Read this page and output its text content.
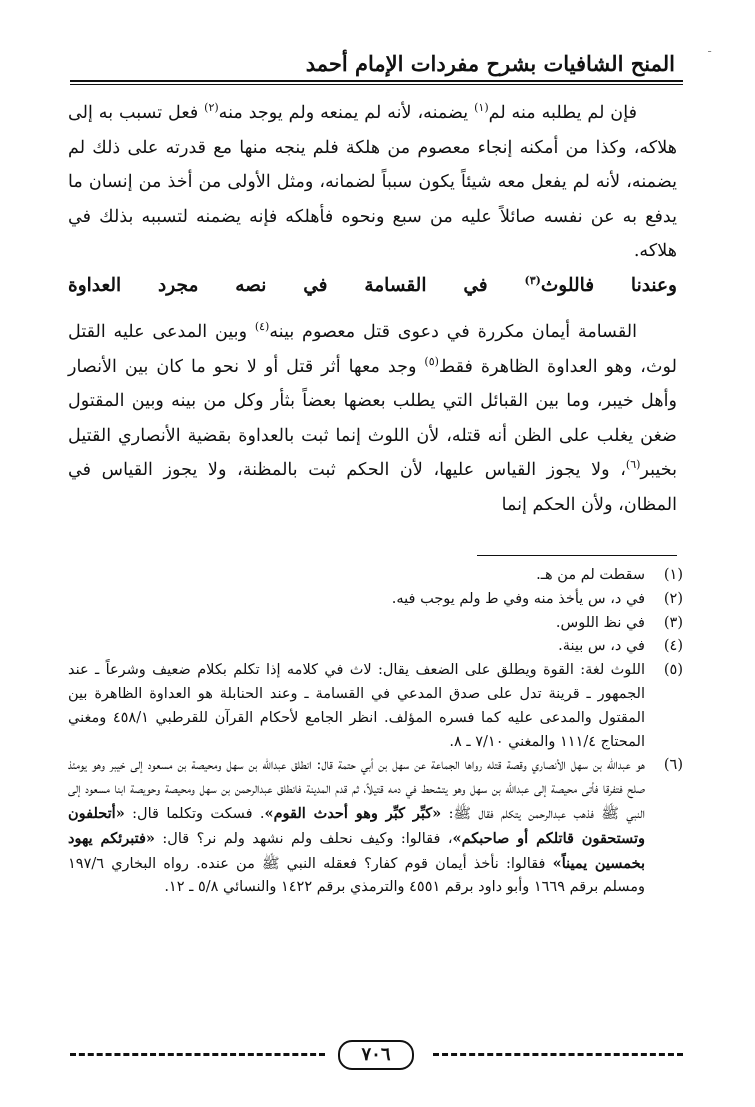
ـ
المنح الشافيات بشرح مفردات الإمام أحمد

فإن لم يطلبه منه لم$^{(١)}$ يضمنه، لأنه لم يمنعه ولم يوجد منه$^{(٢)}$ فعل تسبب به إلى هلاكه، وكذا من أمكنه إنجاء معصوم من هلكة فلم ينجه منها مع قدرته على ذلك لم يضمنه، لأنه لم يفعل معه شيئاً يكون سبباً لضمانه، ومثل الأولى من أخذ من إنسان ما يدفع به عن نفسه صائلاً عليه من سبع ونحوه فأهلكه فإنه يضمنه لتسببه بذلك في هلاكه.

وعندنا فاللوث$^{(٣)}$ في القسامة في نصه مجرد العداوة

القسامة أيمان مكررة في دعوى قتل معصوم بينه$^{(٤)}$ وبين المدعى عليه القتل لوث، وهو العداوة الظاهرة فقط$^{(٥)}$ وجد معها أثر قتل أو لا نحو ما كان بين الأنصار وأهل خيبر، وما بين القبائل التي يطلب بعضها بعضاً بثأر وكل من بينه وبين المقتول ضغن يغلب على الظن أنه قتله، لأن اللوث إنما ثبت بالعداوة بقضية الأنصاري القتيل بخيبر$^{(٦)}$، ولا يجوز القياس عليها، لأن الحكم ثبت بالمظنة، ولا يجوز القياس في المظان، ولأن الحكم إنما

(١)
سقطت لم من هـ.
(٢)
في د، س يأخذ منه وفي ط ولم يوجب فيه.
(٣)
في نظ اللوس.
(٤)
في د، س بينة.
(٥)
اللوث لغة: القوة ويطلق على الضعف يقال: لاث في كلامه إذا تكلم بكلام ضعيف وشرعاً ـ عند الجمهور ـ قرينة تدل على صدق المدعي في القسامة ـ وعند الحنابلة هو العداوة الظاهرة بين المقتول والمدعى عليه كما فسره المؤلف. انظر الجامع لأحكام القرآن للقرطبي ٤٥٨/١ ومغني المحتاج ١١١/٤ والمغني ٧/١٠ ـ ٨.
(٦)
هو عبدالله بن سهل الأنصاري وقصة قتله رواها الجماعة عن سهل بن أبي حتمة قال: انطلق عبدالله بن سهل ومحيصة بن مسعود إلى خيبر وهو يومئذ صلح فتفرقا فأتى محيصة إلى عبدالله بن سهل وهو يتشحط في دمه قتيلاً، ثم قدم المدينة فانطلق عبدالرحمن بن سهل ومحيصة وحويصة ابنا مسعود إلى النبي ﷺ فذهب عبدالرحمن يتكلم فقال ﷺ: «كبِّر كبِّر وهو أحدث القوم». فسكت وتكلما قال: «أتحلفون وتستحقون قاتلكم أو صاحبكم»، فقالوا: وكيف نحلف ولم نشهد ولم نر؟ قال: «فتبرئكم يهود بخمسين يميناً» فقالوا: نأخذ أيمان قوم كفار؟ فعقله النبي ﷺ من عنده. رواه البخاري ١٩٧/٦ ومسلم برقم ١٦٦٩ وأبو داود برقم ٤٥٥١ والترمذي برقم ١٤٢٢ والنسائي ٥/٨ ـ ١٢.
٧٠٦
